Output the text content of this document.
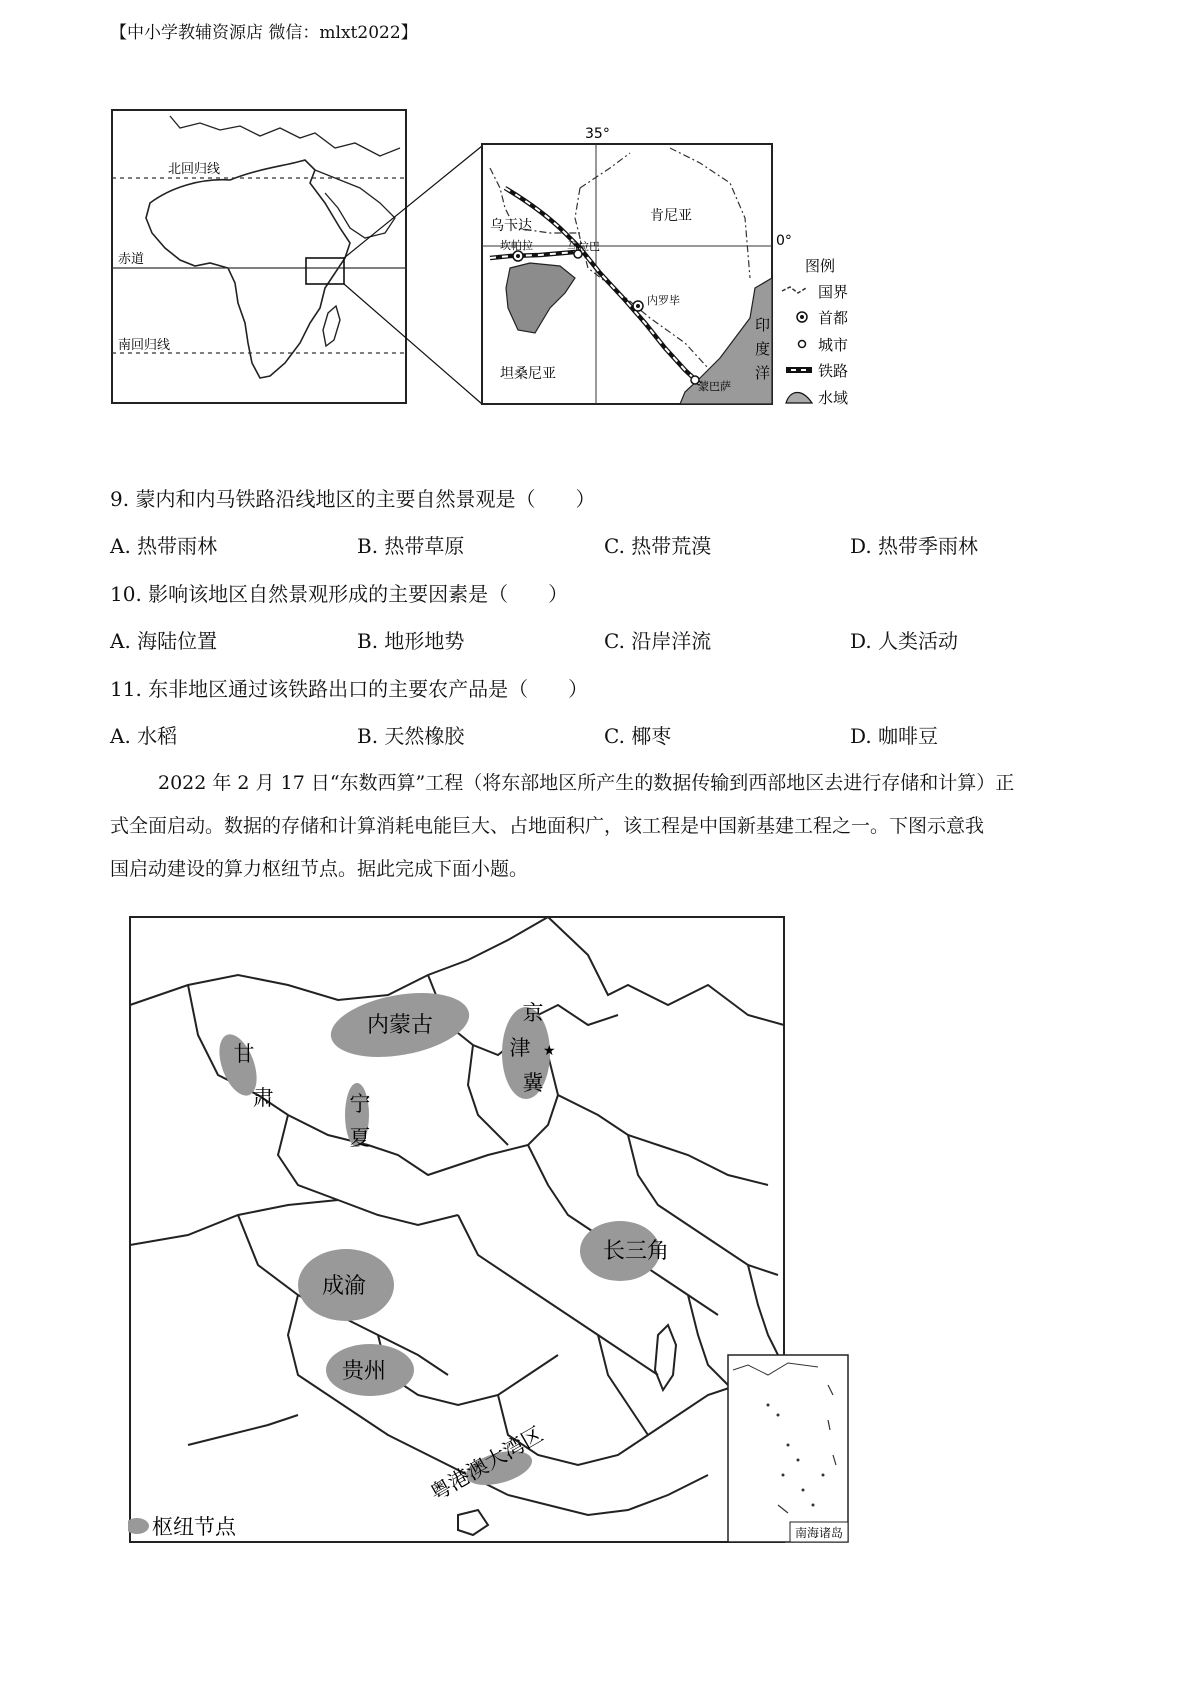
【中小学教辅资源店 微信：mlxt2022】
北回归线
赤道
南回归线
35°
0°
印
度
洋
乌干达
肯尼亚
坦桑尼亚
坎帕拉	马拉巴
内罗毕
蒙巴萨
图例
国界
首都
城市
铁路
水域
9. 蒙内和内马铁路沿线地区的主要自然景观是（　　）
A. 热带雨林	B. 热带草原	C. 热带荒漠	D. 热带季雨林
10. 影响该地区自然景观形成的主要因素是（　　）
A. 海陆位置	B. 地形地势	C. 沿岸洋流	D. 人类活动
11. 东非地区通过该铁路出口的主要农产品是（　　）
A. 水稻	B. 天然橡胶	C. 椰枣	D. 咖啡豆
2022 年 2 月 17 日“东数西算”工程（将东部地区所产生的数据传输到西部地区去进行存储和计算）正
式全面启动。数据的存储和计算消耗电能巨大、占地面积广，该工程是中国新基建工程之一。下图示意我
国启动建设的算力枢纽节点。据此完成下面小题。
内蒙古	京
津
冀
★
甘
肃	宁
夏
长三角
成渝
贵州
粤港澳大湾区
枢纽节点	南海诸岛
